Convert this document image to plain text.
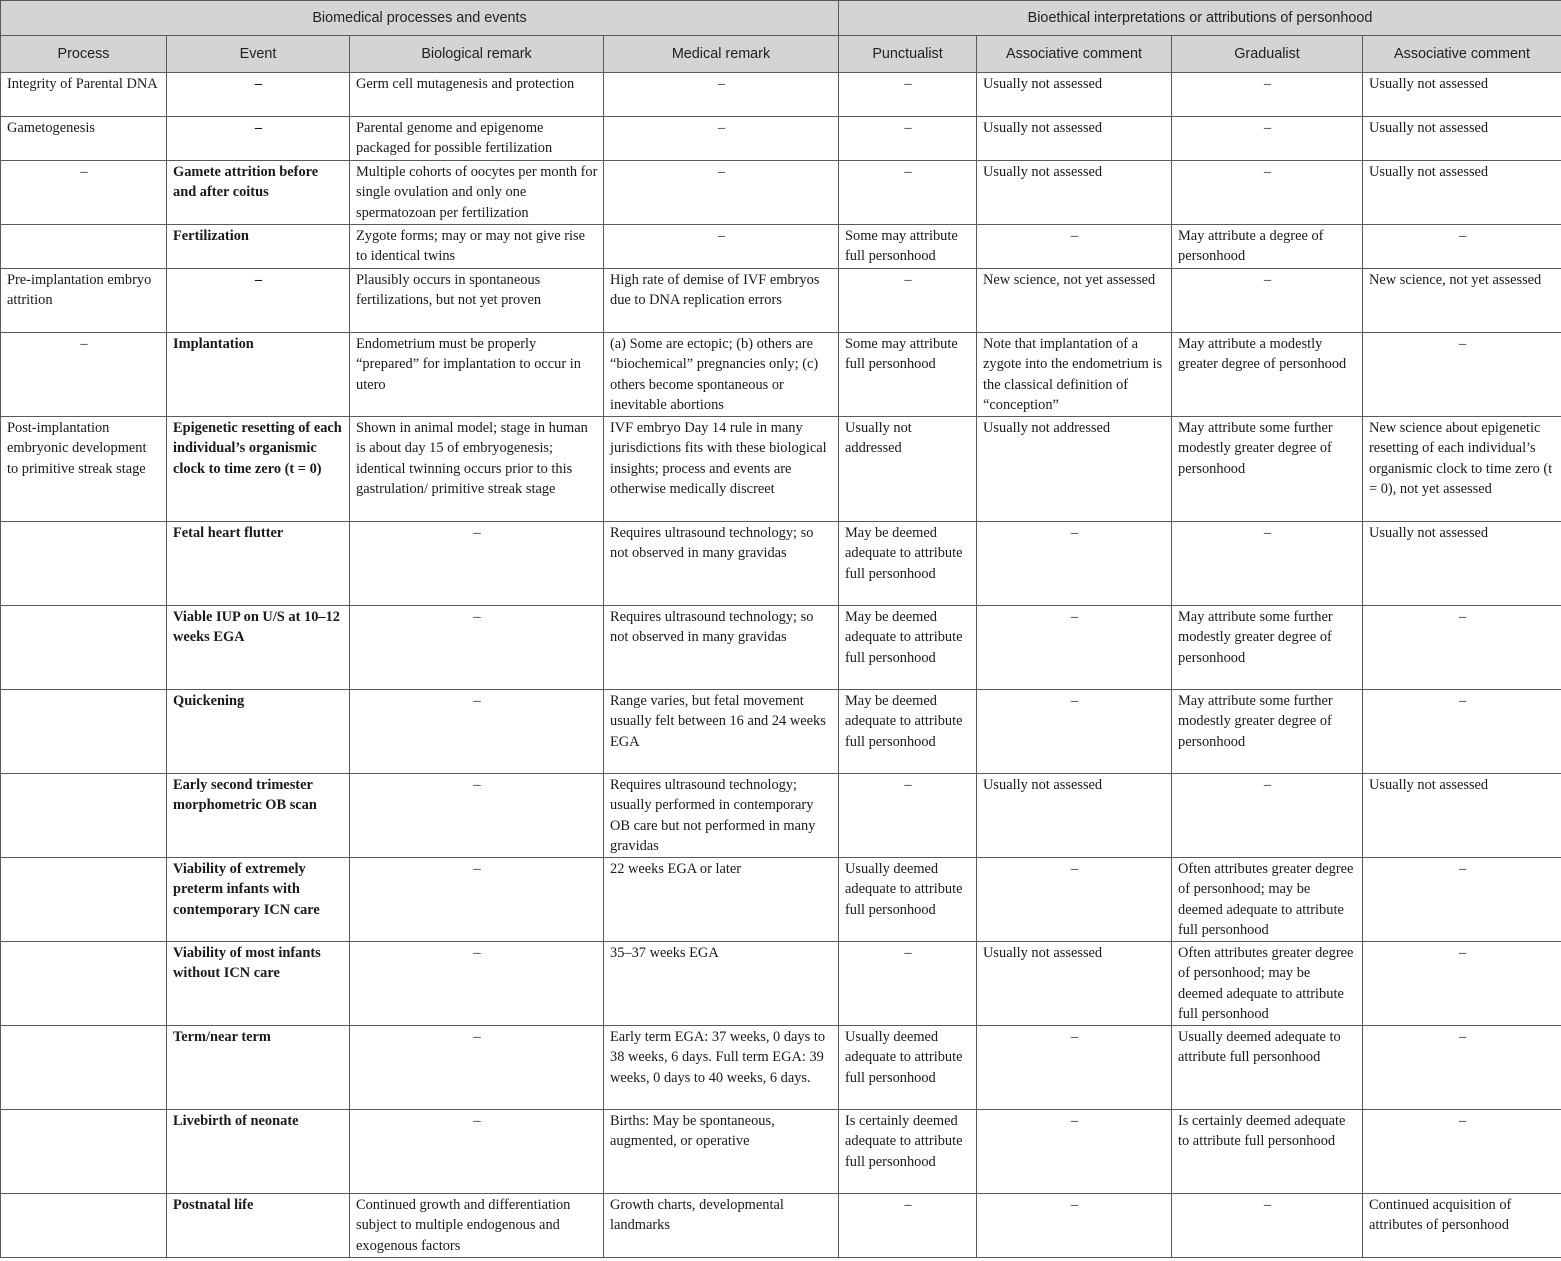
Biomedical processes and events				Bioethical interpretations or attributions of personhood			
Process	Event	Biological remark	Medical remark	Punctualist	Associative comment	Gradualist	Associative comment
Integrity of Parental DNA	–	Germ cell mutagenesis and protection	–	–	Usually not assessed	–	Usually not assessed
Gametogenesis	–	Parental genome and epigenome packaged for possible fertilization	–	–	Usually not assessed	–	Usually not assessed
–	Gamete attrition before and after coitus	Multiple cohorts of oocytes per month for single ovulation and only one spermatozoan per fertilization	–	–	Usually not assessed	–	Usually not assessed
	Fertilization	Zygote forms; may or may not give rise to identical twins	–	Some may attribute full personhood	–	May attribute a degree of personhood	–
Pre-implantation embryo attrition	–	Plausibly occurs in spontaneous fertilizations, but not yet proven	High rate of demise of IVF embryos due to DNA replication errors	–	New science, not yet assessed	–	New science, not yet assessed
–	Implantation	Endometrium must be properly “prepared” for implantation to occur in utero	(a) Some are ectopic; (b) others are “biochemical” pregnancies only; (c) others become spontaneous or inevitable abortions	Some may attribute full personhood	Note that implantation of a zygote into the endometrium is the classical definition of “conception”	May attribute a modestly greater degree of personhood	–
Post-implantation embryonic development to primitive streak stage	Epigenetic resetting of each individual’s organismic clock to time zero (t = 0)	Shown in animal model; stage in human is about day 15 of embryogenesis; identical twinning occurs prior to this gastrulation/ primitive streak stage	IVF embryo Day 14 rule in many jurisdictions fits with these biological insights; process and events are otherwise medically discreet	Usually not addressed	Usually not addressed	May attribute some further modestly greater degree of personhood	New science about epigenetic resetting of each individual’s organismic clock to time zero (t = 0), not yet assessed
	Fetal heart flutter	–	Requires ultrasound technology; so not observed in many gravidas	May be deemed adequate to attribute full personhood	–	–	Usually not assessed
	Viable IUP on U/S at 10–12 weeks EGA	–	Requires ultrasound technology; so not observed in many gravidas	May be deemed adequate to attribute full personhood	–	May attribute some further modestly greater degree of personhood	–
	Quickening	–	Range varies, but fetal movement usually felt between 16 and 24 weeks EGA	May be deemed adequate to attribute full personhood	–	May attribute some further modestly greater degree of personhood	–
	Early second trimester morphometric OB scan	–	Requires ultrasound technology; usually performed in contemporary OB care but not performed in many gravidas	–	Usually not assessed	–	Usually not assessed
	Viability of extremely preterm infants with contemporary ICN care	–	22 weeks EGA or later	Usually deemed adequate to attribute full personhood	–	Often attributes greater degree of personhood; may be deemed adequate to attribute full personhood	–
	Viability of most infants without ICN care	–	35–37 weeks EGA	–	Usually not assessed	Often attributes greater degree of personhood; may be deemed adequate to attribute full personhood	–
	Term/near term	–	Early term EGA: 37 weeks, 0 days to 38 weeks, 6 days. Full term EGA: 39 weeks, 0 days to 40 weeks, 6 days.	Usually deemed adequate to attribute full personhood	–	Usually deemed adequate to attribute full personhood	–
	Livebirth of neonate	–	Births: May be spontaneous, augmented, or operative	Is certainly deemed adequate to attribute full personhood	–	Is certainly deemed adequate to attribute full personhood	–
	Postnatal life	Continued growth and differentiation subject to multiple endogenous and exogenous factors	Growth charts, developmental landmarks	–	–	–	Continued acquisition of attributes of personhood
